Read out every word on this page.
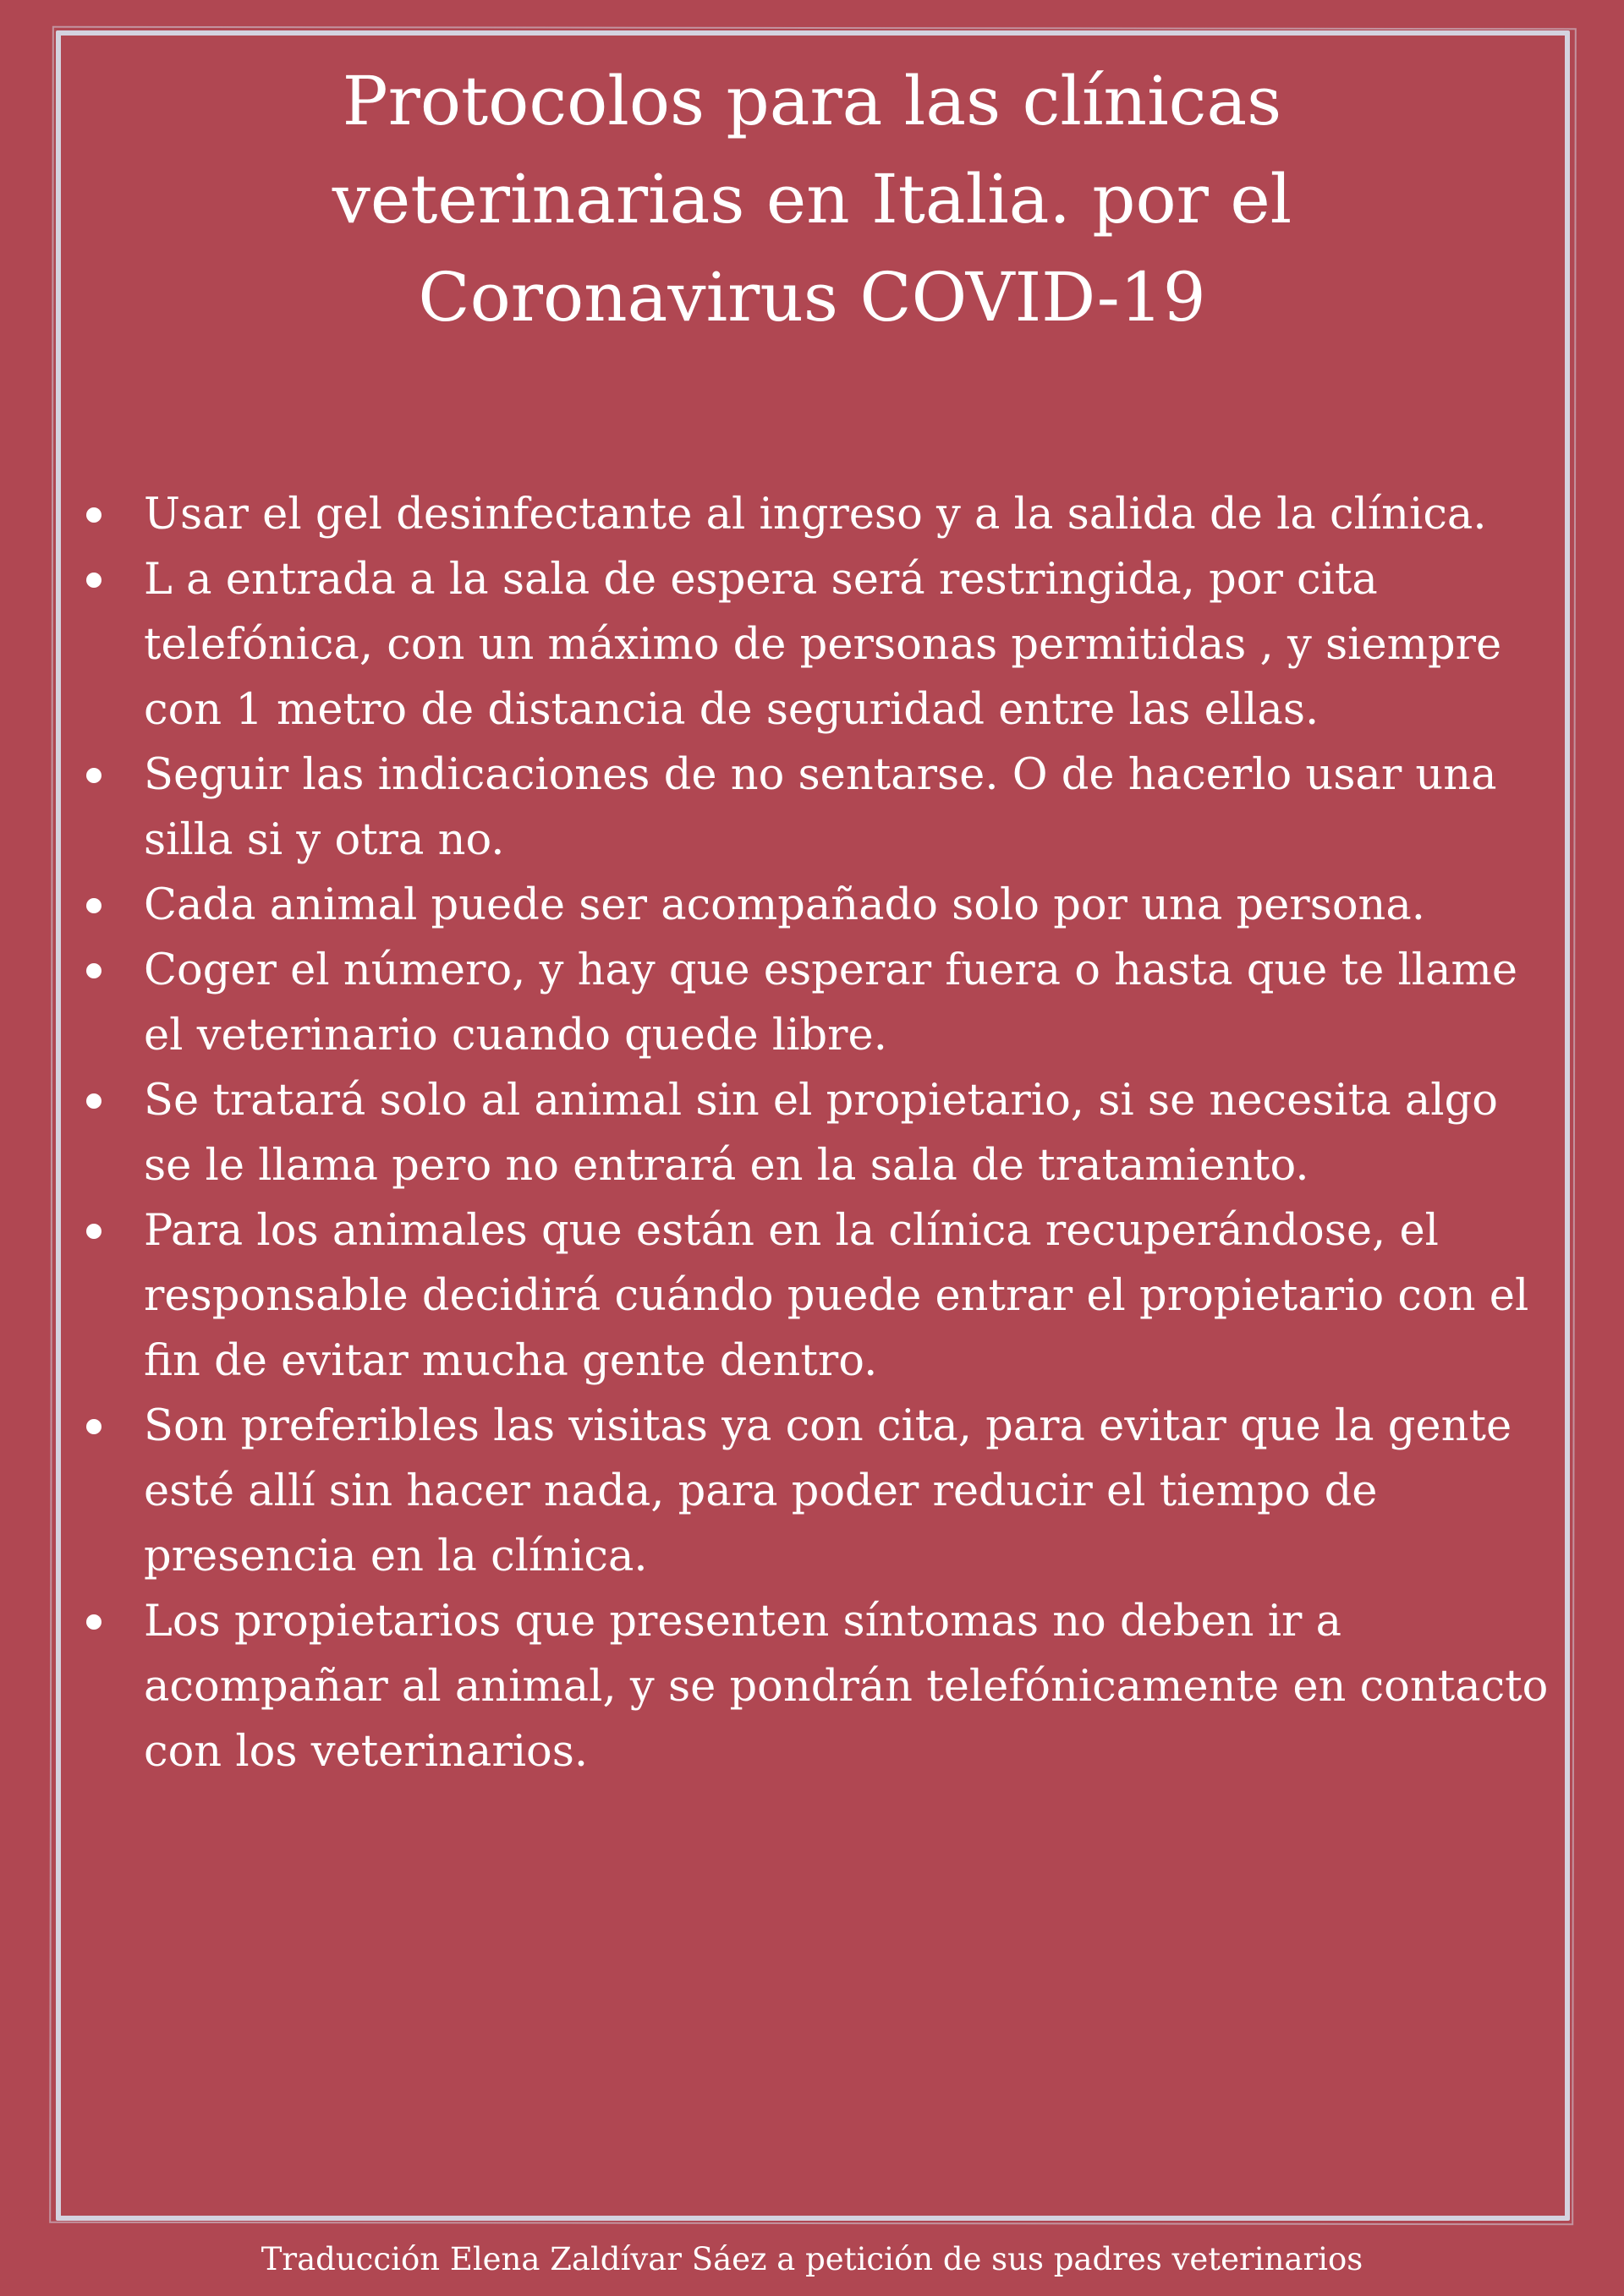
Protocolos para las clínicas
veterinarias en Italia. por el
Coronavirus COVID-19
Usar el gel desinfectante al ingreso y a la salida de la clínica.
L a entrada a la sala de espera será restringida, por cita telefónica, con un máximo de personas permitidas , y siempre con 1 metro de distancia de seguridad entre las ellas.
Seguir las indicaciones de no sentarse. O de hacerlo usar una silla si y otra no.
Cada animal puede ser acompañado solo por una persona.
Coger el número, y hay que esperar fuera o hasta que te llame el veterinario cuando quede libre.
Se tratará solo al animal sin el propietario, si se necesita algo se le llama pero no entrará en la sala de tratamiento.
Para los animales que están en la clínica recuperándose, el responsable decidirá cuándo puede entrar el propietario con el fin de evitar mucha gente dentro.
Son preferibles las visitas ya con cita, para evitar que la gente esté allí sin hacer nada, para poder reducir el tiempo de presencia en la clínica.
Los propietarios que presenten síntomas no deben ir a acompañar al animal, y se pondrán telefónicamente en contacto con los veterinarios.

Traducción Elena Zaldívar Sáez a petición de sus padres veterinarios
